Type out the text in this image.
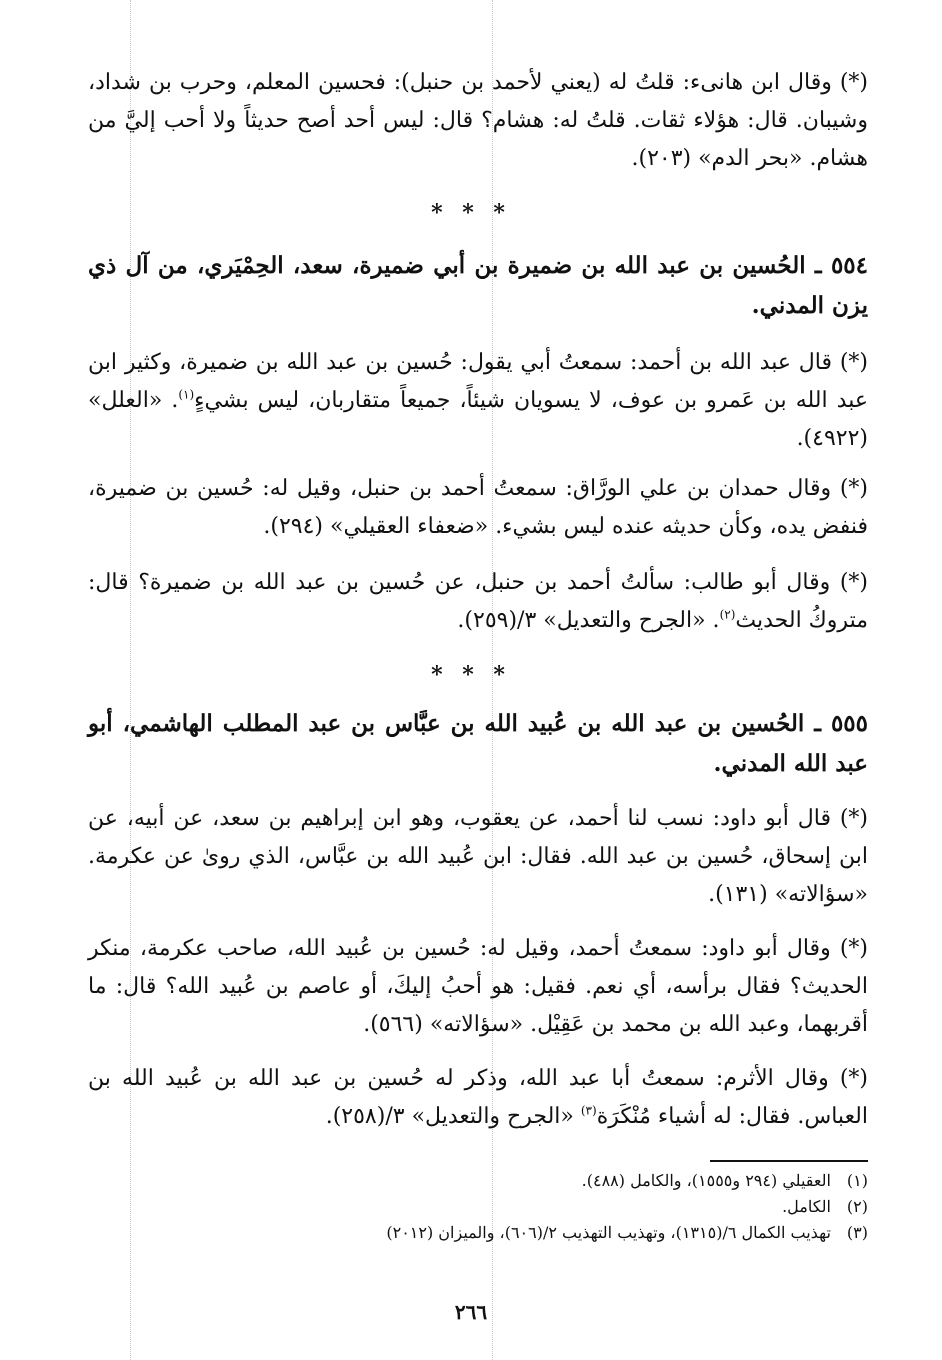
(*) وقال ابن هانىء: قلتُ له (يعني لأحمد بن حنبل): فحسين المعلم، وحرب بن شداد، وشيبان. قال: هؤلاء ثقات. قلتُ له: هشام؟ قال: ليس أحد أصح حديثاً ولا أحب إليَّ من هشام. «بحر الدم» (٢٠٣).

* * *
٥٥٤ ـ الحُسين بن عبد الله بن ضميرة بن أبي ضميرة، سعد، الحِمْيَري، من آل ذي يزن المدني.

(*) قال عبد الله بن أحمد: سمعتُ أبي يقول: حُسين بن عبد الله بن ضميرة، وكثير ابن عبد الله بن عَمرو بن عوف، لا يسويان شيئاً، جميعاً متقاربان، ليس بشيءٍ$^{(١)}$. «العلل» (٤٩٢٢).

(*) وقال حمدان بن علي الورَّاق: سمعتُ أحمد بن حنبل، وقيل له: حُسين بن ضميرة، فنفض يده، وكأن حديثه عنده ليس بشيء. «ضعفاء العقيلي» (٢٩٤).

(*) وقال أبو طالب: سألتُ أحمد بن حنبل، عن حُسين بن عبد الله بن ضميرة؟ قال: متروكُ الحديث$^{(٢)}$. «الجرح والتعديل» ٣/(٢٥٩).

* * *
٥٥٥ ـ الحُسين بن عبد الله بن عُبيد الله بن عبَّاس بن عبد المطلب الهاشمي، أبو عبد الله المدني.

(*) قال أبو داود: نسب لنا أحمد، عن يعقوب، وهو ابن إبراهيم بن سعد، عن أبيه، عن ابن إسحاق، حُسين بن عبد الله. فقال: ابن عُبيد الله بن عبَّاس، الذي روىٰ عن عكرمة. «سؤالاته» (١٣١).

(*) وقال أبو داود: سمعتُ أحمد، وقيل له: حُسين بن عُبيد الله، صاحب عكرمة، منكر الحديث؟ فقال برأسه، أي نعم. فقيل: هو أحبُ إليكَ، أو عاصم بن عُبيد الله؟ قال: ما أقربهما، وعبد الله بن محمد بن عَقِيْل. «سؤالاته» (٥٦٦).

(*) وقال الأثرم: سمعتُ أبا عبد الله، وذكر له حُسين بن عبد الله بن عُبيد الله بن العباس. فقال: له أشياء مُنْكَرَة$^{(٣)}$ «الجرح والتعديل» ٣/(٢٥٨).

(١) العقيلي (٢٩٤ و١٥٥٥)، والكامل (٤٨٨).
(٢) الكامل.
(٣) تهذيب الكمال ٦/(١٣١٥)، وتهذيب التهذيب ٢/(٦٠٦)، والميزان (٢٠١٢)
٢٦٦
